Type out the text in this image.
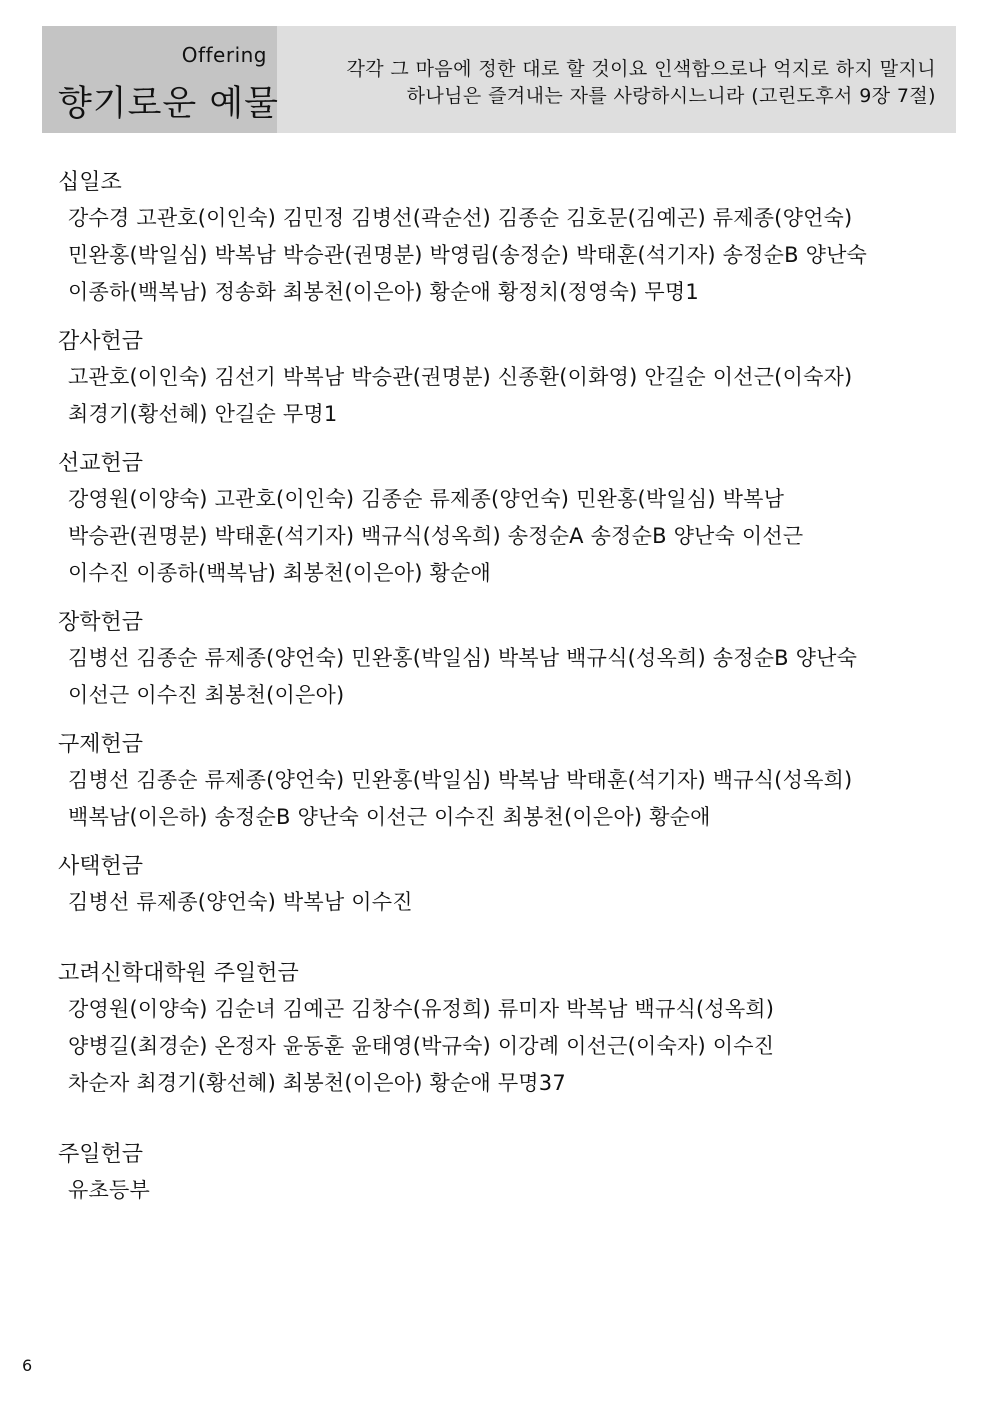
Offering
향기로운 예물
각각 그 마음에 정한 대로 할 것이요 인색함으로나 억지로 하지 말지니
하나님은 즐겨내는 자를 사랑하시느니라 (고린도후서 9장 7절)
십일조
강수경 고관호(이인숙) 김민정 김병선(곽순선) 김종순 김호문(김예곤) 류제종(양언숙)
민완홍(박일심) 박복남 박승관(권명분) 박영림(송정순) 박태훈(석기자) 송정순B 양난숙
이종하(백복남) 정송화 최봉천(이은아) 황순애 황정치(정영숙) 무명1
감사헌금
고관호(이인숙) 김선기 박복남 박승관(권명분) 신종환(이화영) 안길순 이선근(이숙자)
최경기(황선혜) 안길순 무명1
선교헌금
강영원(이양숙) 고관호(이인숙) 김종순 류제종(양언숙) 민완홍(박일심) 박복남
박승관(권명분) 박태훈(석기자) 백규식(성옥희) 송정순A 송정순B 양난숙 이선근
이수진 이종하(백복남) 최봉천(이은아) 황순애
장학헌금
김병선 김종순 류제종(양언숙) 민완홍(박일심) 박복남 백규식(성옥희) 송정순B 양난숙
이선근 이수진 최봉천(이은아)
구제헌금
김병선 김종순 류제종(양언숙) 민완홍(박일심) 박복남 박태훈(석기자) 백규식(성옥희)
백복남(이은하) 송정순B 양난숙 이선근 이수진 최봉천(이은아) 황순애
사택헌금
김병선 류제종(양언숙) 박복남 이수진
고려신학대학원 주일헌금
강영원(이양숙) 김순녀 김예곤 김창수(유정희) 류미자 박복남 백규식(성옥희)
양병길(최경순) 온정자 윤동훈 윤태영(박규숙) 이강례 이선근(이숙자) 이수진
차순자 최경기(황선혜) 최봉천(이은아) 황순애 무명37
주일헌금
유초등부
6
